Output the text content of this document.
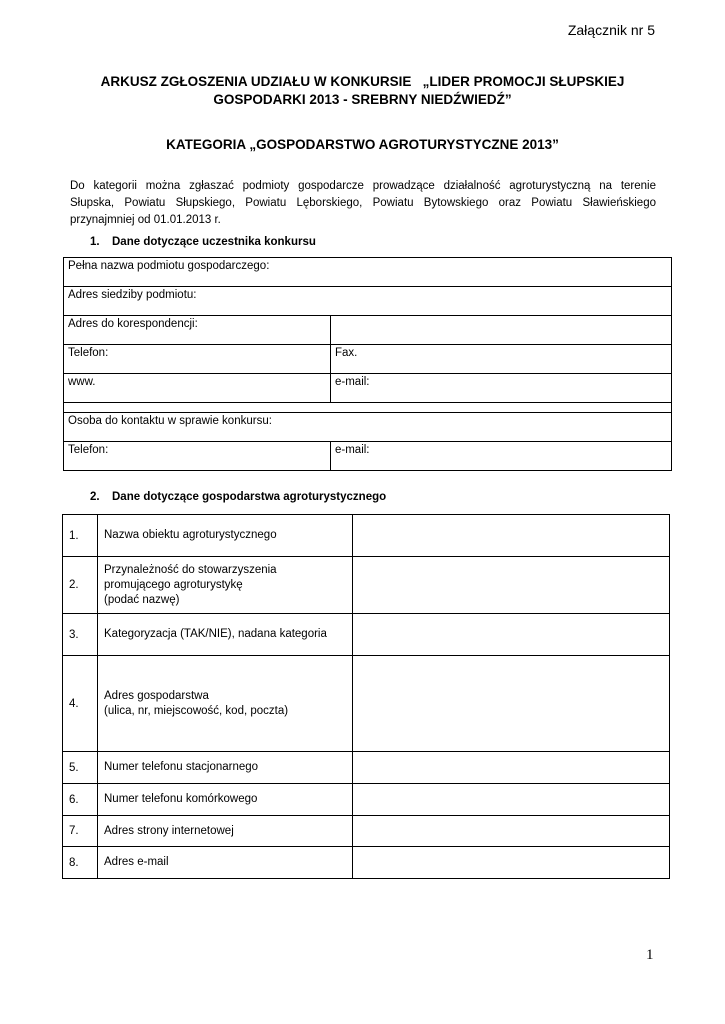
Załącznik nr 5
ARKUSZ ZGŁOSZENIA UDZIAŁU W KONKURSIE   „LIDER PROMOCJI SŁUPSKIEJ
GOSPODARKI 2013 - SREBRNY NIEDŹWIEDŹ”
KATEGORIA „GOSPODARSTWO AGROTURYSTYCZNE 2013”

Do kategorii można zgłaszać podmioty gospodarcze prowadzące działalność agroturystyczną na terenie

Słupska, Powiatu Słupskiego, Powiatu Lęborskiego, Powiatu Bytowskiego oraz Powiatu Sławieńskiego

przynajmniej od 01.01.2013 r.

1. Dane dotyczące uczestnika konkursu
Pełna nazwa podmiotu gospodarczego:	
Adres siedziby podmiotu:	
Adres do korespondencji:	
Telefon:	Fax.
www.	e-mail:

Osoba do kontaktu w sprawie konkursu:	
Telefon:	e-mail:
2. Dane dotyczące gospodarstwa agroturystycznego
1.	Nazwa obiektu agroturystycznego	

2.	Przynależność do stowarzyszenia
promującego agroturystykę
(podać nazwę)	

3.	Kategoryzacja (TAK/NIE), nadana kategoria	

4.	Adres gospodarstwa
(ulica, nr, miejscowość, kod, poczta)	

5.	Numer telefonu stacjonarnego	

6.	Numer telefonu komórkowego	

7.	Adres strony internetowej	

8.	Adres e-mail	

1
